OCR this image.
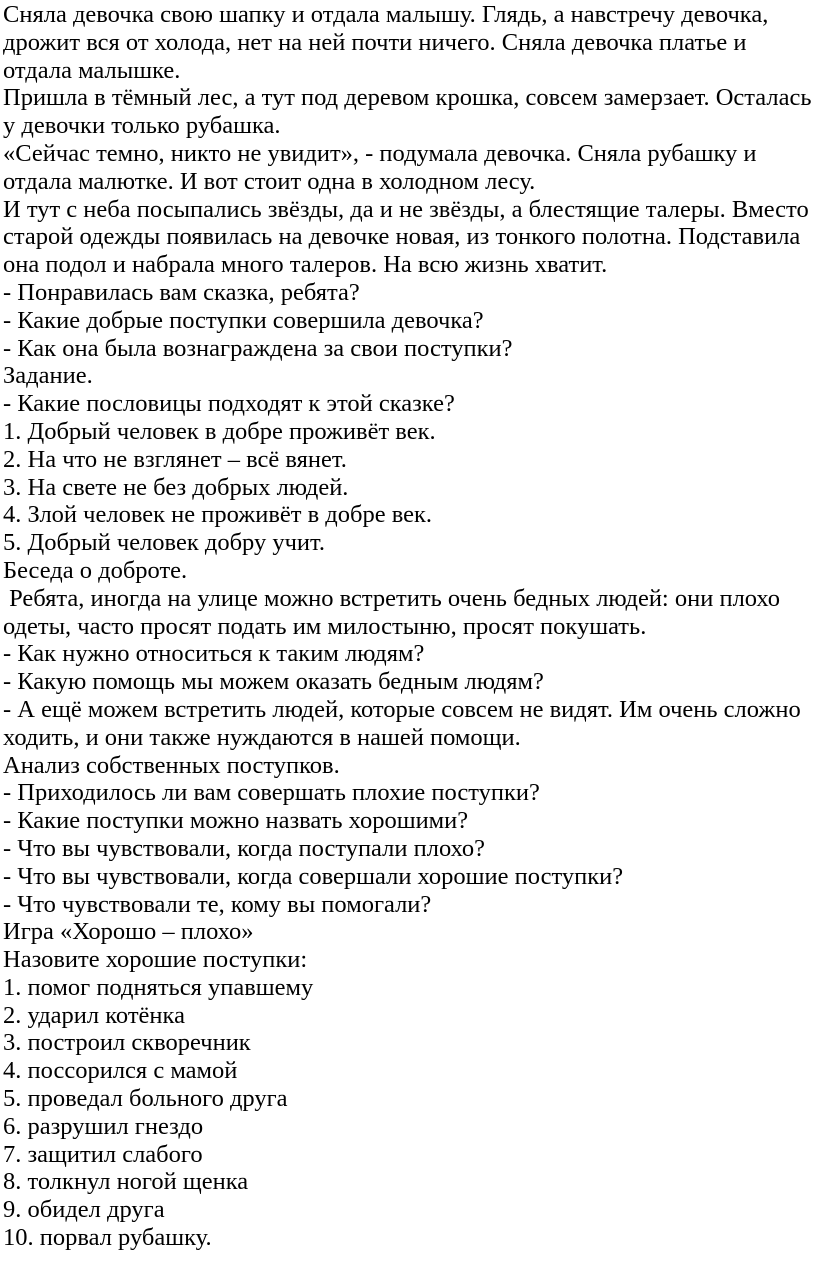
Сняла девочка свою шапку и отдала малышу. Глядь, а навстречу девочка,
дрожит вся от холода, нет на ней почти ничего. Сняла девочка платье и
отдала малышке.
Пришла в тёмный лес, а тут под деревом крошка, совсем замерзает. Осталась
у девочки только рубашка.
«Сейчас темно, никто не увидит», - подумала девочка. Сняла рубашку и
отдала малютке. И вот стоит одна в холодном лесу.
И тут с неба посыпались звёзды, да и не звёзды, а блестящие талеры. Вместо
старой одежды появилась на девочке новая, из тонкого полотна. Подставила
она подол и набрала много талеров. На всю жизнь хватит.
- Понравилась вам сказка, ребята?
- Какие добрые поступки совершила девочка?
- Как она была вознаграждена за свои поступки?
Задание.
- Какие пословицы подходят к этой сказке?
1. Добрый человек в добре проживёт век.
2. На что не взглянет – всё вянет.
3. На свете не без добрых людей.
4. Злой человек не проживёт в добре век.
5. Добрый человек добру учит.
Беседа о доброте.
Ребята, иногда на улице можно встретить очень бедных людей: они плохо
одеты, часто просят подать им милостыню, просят покушать.
- Как нужно относиться к таким людям?
- Какую помощь мы можем оказать бедным людям?
- А ещё можем встретить людей, которые совсем не видят. Им очень сложно
ходить, и они также нуждаются в нашей помощи.
Анализ собственных поступков.
- Приходилось ли вам совершать плохие поступки?
- Какие поступки можно назвать хорошими?
- Что вы чувствовали, когда поступали плохо?
- Что вы чувствовали, когда совершали хорошие поступки?
- Что чувствовали те, кому вы помогали?
Игра «Хорошо – плохо»
Назовите хорошие поступки:
1. помог подняться упавшему
2. ударил котёнка
3. построил скворечник
4. поссорился с мамой
5. проведал больного друга
6. разрушил гнездо
7. защитил слабого
8. толкнул ногой щенка
9. обидел друга
10. порвал рубашку.
